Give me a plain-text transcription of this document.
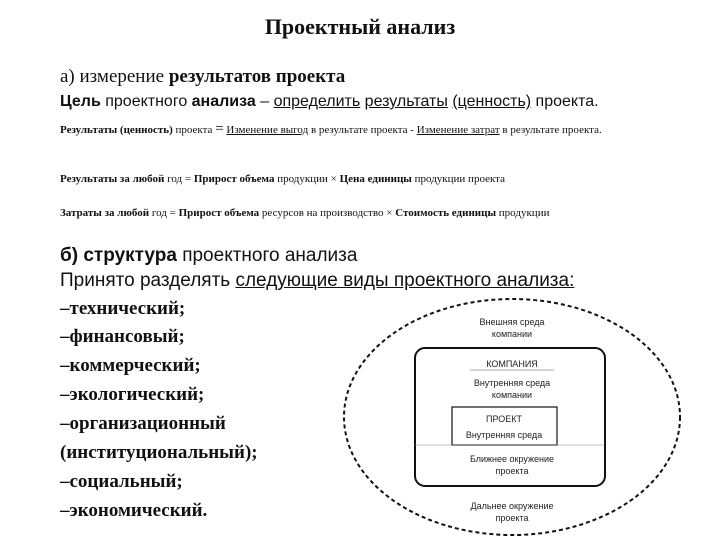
Проектный анализ
а) измерение результатов проекта
Цель проектного анализа – определить результаты (ценность) проекта.
Результаты (ценность) проекта = Изменение выгод в результате проекта - Изменение затрат в результате проекта.
Результаты за любой год = Прирост объема продукции × Цена единицы продукции проекта
Затраты за любой год = Прирост объема ресурсов на производство × Стоимость единицы продукции
б) структура проектного анализа
Принято разделять следующие виды проектного анализа:
–технический;
–финансовый;
–коммерческий;
–экологический;
–организационный
(институциональный);
–социальный;
–экономический.
Внешняя среда
компании
КОМПАНИЯ
Внутренняя среда
компании
ПРОЕКТ
Внутренняя среда
Ближнее окружение
проекта
Дальнее окружение
проекта
